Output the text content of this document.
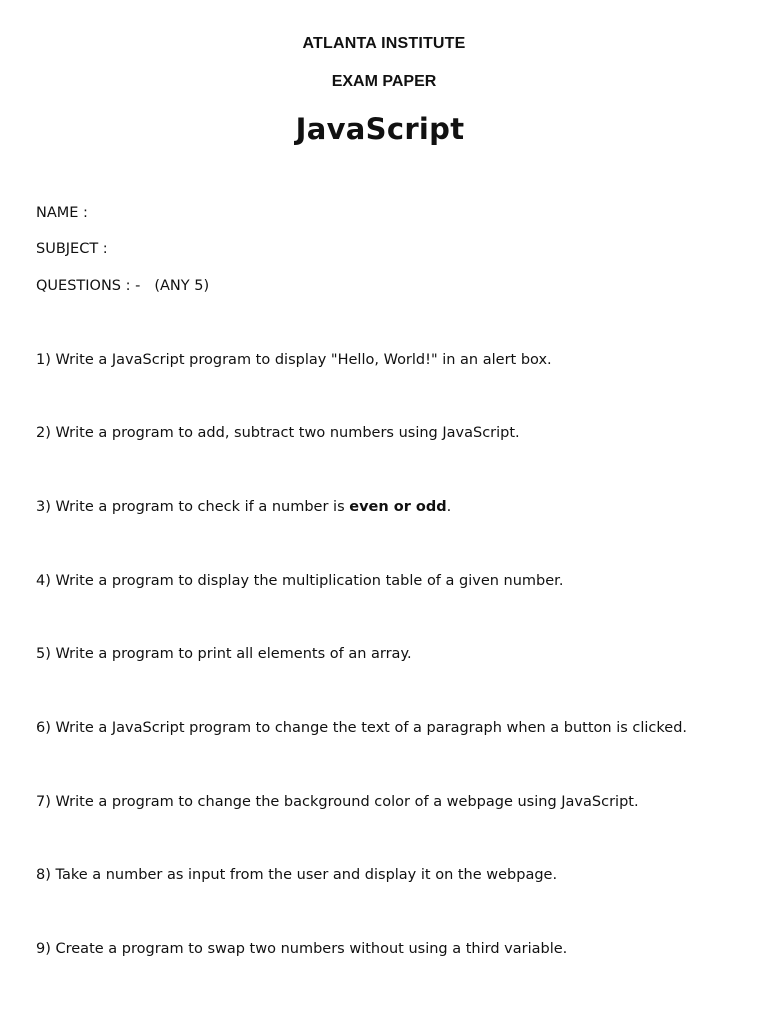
ATLANTA INSTITUTE
EXAM PAPER
JavaScript
NAME :
SUBJECT :
QUESTIONS : - (ANY 5)
1) Write a JavaScript program to display "Hello, World!" in an alert box.
2) Write a program to add, subtract two numbers using JavaScript.
3) Write a program to check if a number is even or odd.
4) Write a program to display the multiplication table of a given number.
5) Write a program to print all elements of an array.
6) Write a JavaScript program to change the text of a paragraph when a button is clicked.
7) Write a program to change the background color of a webpage using JavaScript.
8) Take a number as input from the user and display it on the webpage.
9) Create a program to swap two numbers without using a third variable.
